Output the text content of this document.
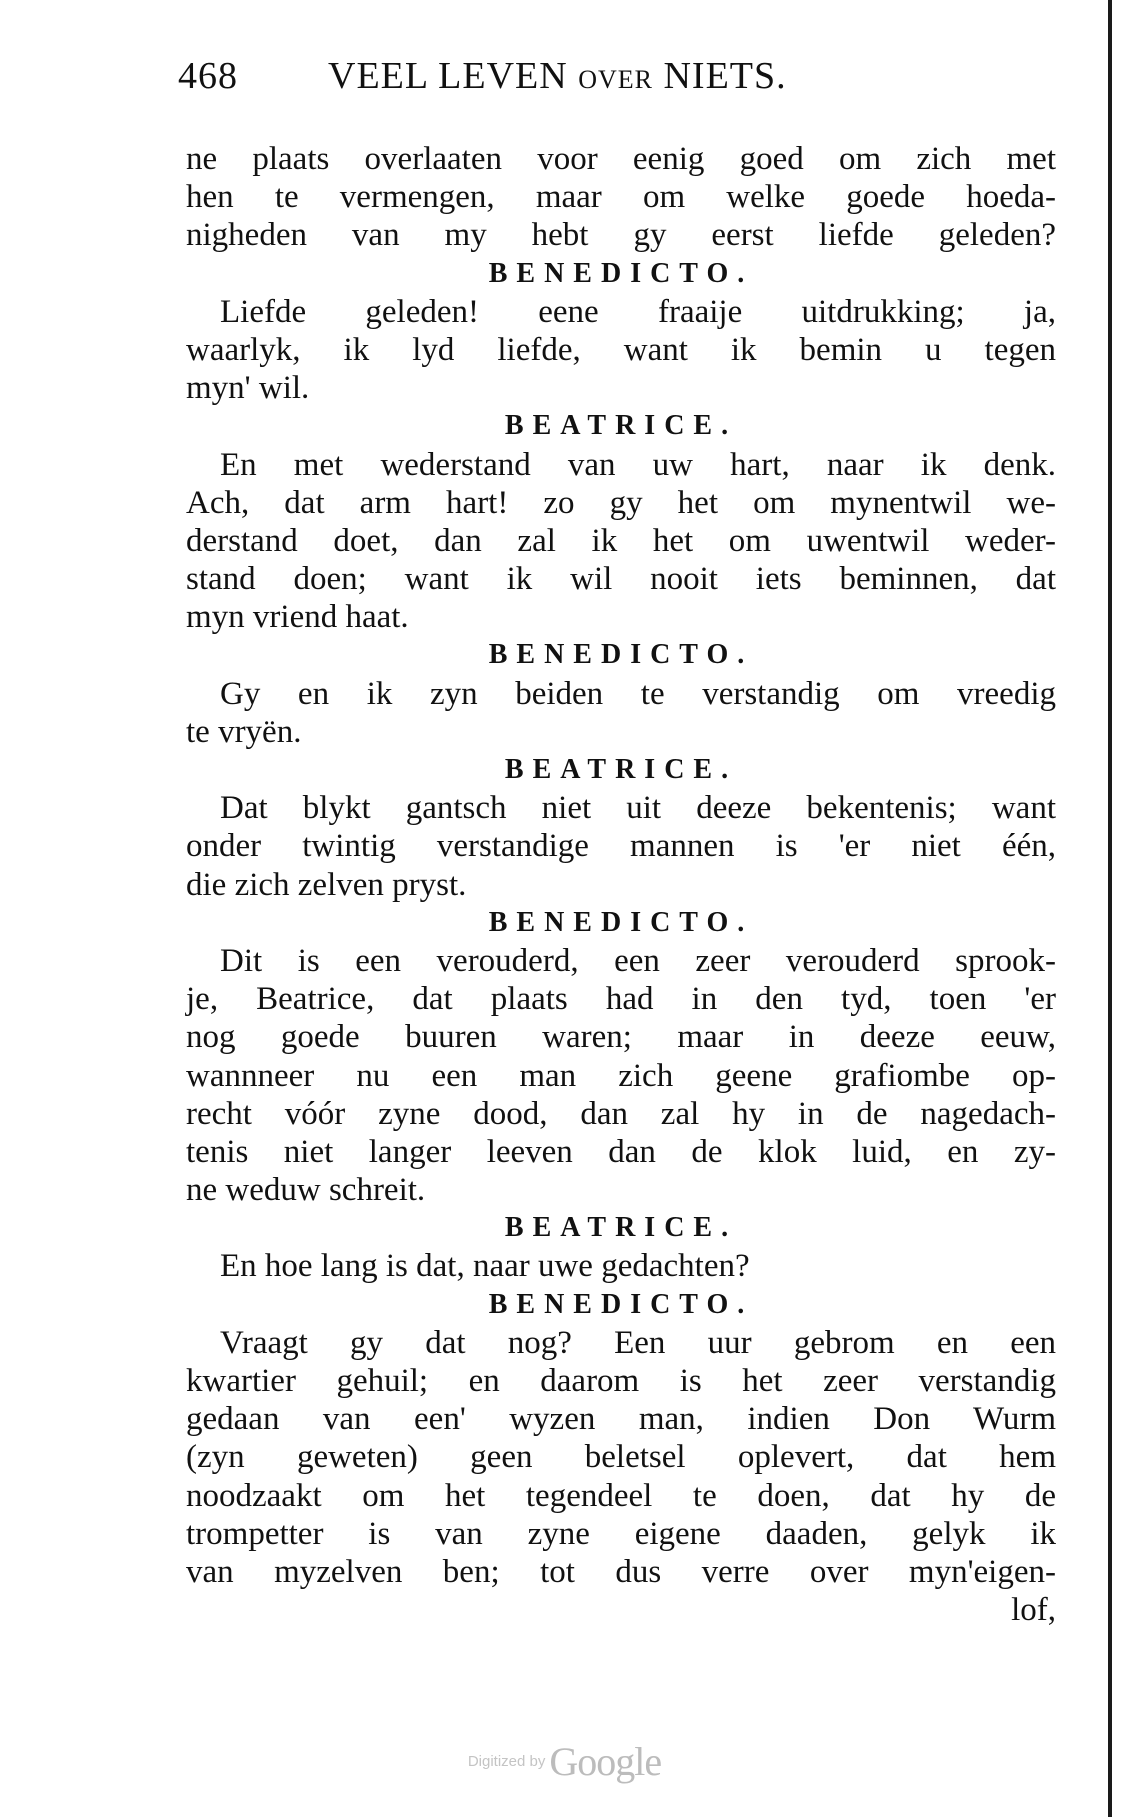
468 VEEL LEVEN OVER NIETS.
ne plaats overlaaten voor eenig goed om zich met
hen te vermengen, maar om welke goede hoeda-
nigheden van my hebt gy eerst liefde geleden?
BENEDICTO.
Liefde geleden! eene fraaije uitdrukking; ja,
waarlyk, ik lyd liefde, want ik bemin u tegen
myn' wil.
BEATRICE.
En met wederstand van uw hart, naar ik denk.
Ach, dat arm hart! zo gy het om mynentwil we-
derstand doet, dan zal ik het om uwentwil weder-
stand doen; want ik wil nooit iets beminnen, dat
myn vriend haat.
BENEDICTO.
Gy en ik zyn beiden te verstandig om vreedig
te vryën.
BEATRICE.
Dat blykt gantsch niet uit deeze bekentenis; want
onder twintig verstandige mannen is 'er niet één,
die zich zelven pryst.
BENEDICTO.
Dit is een verouderd, een zeer verouderd sprook-
je, Beatrice, dat plaats had in den tyd, toen 'er
nog goede buuren waren; maar in deeze eeuw,
wannneer nu een man zich geene grafiombe op-
recht vóór zyne dood, dan zal hy in de nagedach-
tenis niet langer leeven dan de klok luid, en zy-
ne weduw schreit.
BEATRICE.
En hoe lang is dat, naar uwe gedachten?
BENEDICTO.
Vraagt gy dat nog? Een uur gebrom en een
kwartier gehuil; en daarom is het zeer verstandig
gedaan van een' wyzen man, indien Don Wurm
(zyn geweten) geen beletsel oplevert, dat hem
noodzaakt om het tegendeel te doen, dat hy de
trompetter is van zyne eigene daaden, gelyk ik
van myzelven ben; tot dus verre over myn'eigen-
lof,
Digitized by Google
